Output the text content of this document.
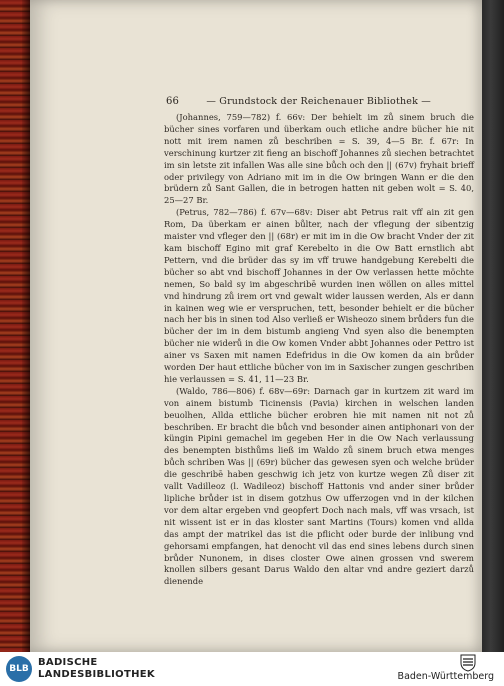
66	— Grundstock der Reichenauer Bibliothek —

(Johannes, 759—782) f. 66v: Der behielt im zů sinem bruch die bücher sines vorfaren und überkam ouch etliche andre bücher hie nit nott mit irem namen zů beschriben = S. 39, 4—5 Br. f. 67r: In verschinung kurtzer zit fieng an bischoff Johannes zů siechen betrachtet im sin letste zit infallen Was alle sine bůch och den || (67v) fryhait brieff oder privilegy von Adriano mit im in die Ow bringen Wann er die den brüdern zů Sant Gallen, die in betrogen hatten nit geben wolt = S. 40, 25—27 Br.

(Petrus, 782—786) f. 67v—68v: Diser abt Petrus rait vff ain zit gen Rom, Da überkam er ainen bůlter, nach der vflegung der sibentzig maister vnd vfleger den || (68r) er mit im in die Ow bracht Vnder der zit kam bischoff Egino mit graf Kerebelto in die Ow Batt ernstlich abt Pettern, vnd die brüder das sy im vff truwe handgebung Kerebelti die bücher so abt vnd bischoff Johannes in der Ow verlassen hette möchte nemen, So bald sy im abgeschribē wurden inen wöllen on alles mittel vnd hindrung zů irem ort vnd gewalt wider laussen werden, Als er dann in kainen weg wie er verspruchen, tett, besonder behielt er die bücher nach her bis in sinen tod Also verließ er Wisheozo sinem brůders fun die bücher der im in dem bistumb angieng Vnd syen also die benempten bücher nie widerů in die Ow komen Vnder abbt Johannes oder Pettro ist ainer vs Saxen mit namen Edefridus in die Ow komen da ain brůder worden Der haut ettliche bücher von im in Saxischer zungen geschriben hie verlaussen = S. 41, 11—23 Br.

(Waldo, 786—806) f. 68v—69r: Darnach gar in kurtzem zit ward im von ainem bistumb Ticinensis (Pavia) kirchen in welschen landen beuolhen, Allda ettliche bücher erobren hie mit namen nit not zů beschriben. Er bracht die bůch vnd besonder ainen antiphonari von der küngin Pipini gemachel im gegeben Her in die Ow Nach verlaussung des benempten bisthůms ließ im Waldo zů sinem bruch etwa menges bůch schriben Was || (69r) bücher das gewesen syen och welche brüder die geschribē haben geschwig ich jetz von kurtze wegen Zů diser zit vallt Vadilleoz (l. Wadileoz) bischoff Hattonis vnd ander siner brůder lipliche brůder ist in disem gotzhus Ow ufferzogen vnd in der kilchen vor dem altar ergeben vnd geopfert Doch nach mals, vff was vrsach, ist nit wissent ist er in das kloster sant Martins (Tours) komen vnd allda das ampt der matrikel das ist die pflicht oder burde der inlibung vnd gehorsami empfangen, hat denocht vil das end sines lebens durch sinen brůder Nunonem, in dises closter Owe ainen grossen vnd swerem knollen silbers gesant Darus Waldo den altar vnd andre geziert darzů dienende

BLB
BADISCHE
LANDESBIBLIOTHEK	Baden-Württemberg
